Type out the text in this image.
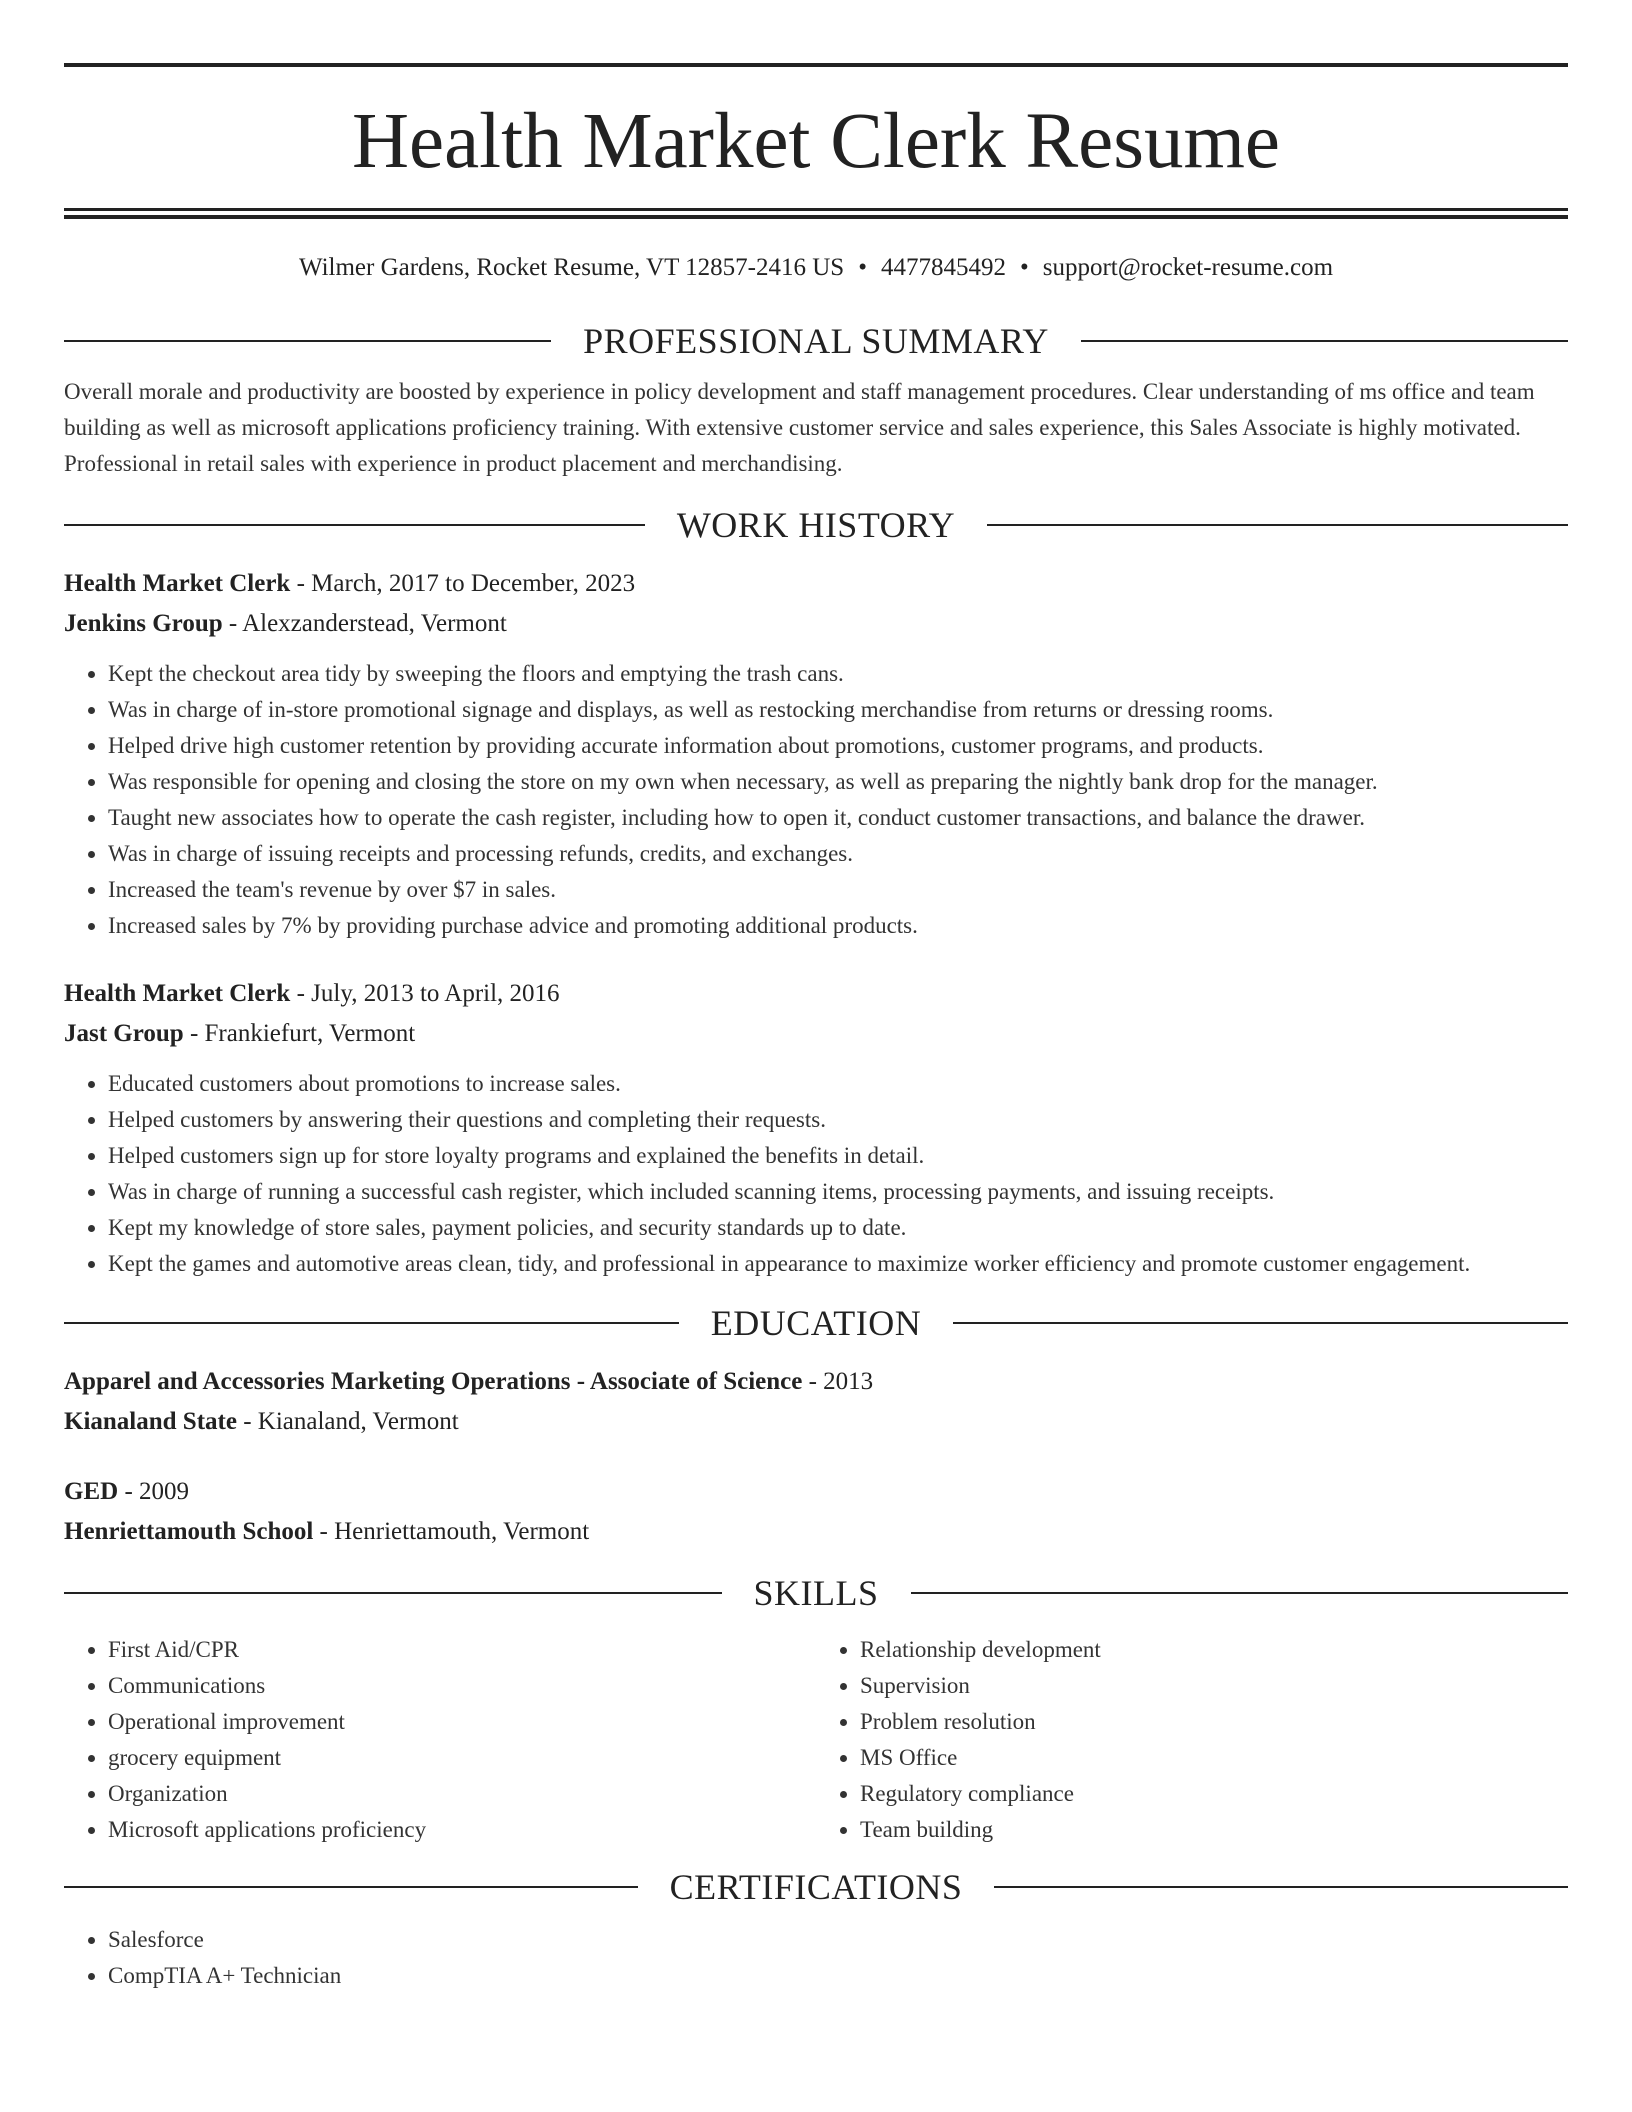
Health Market Clerk Resume
Wilmer Gardens, Rocket Resume, VT 12857-2416 US • 4477845492 • support@rocket-resume.com
PROFESSIONAL SUMMARY
Overall morale and productivity are boosted by experience in policy development and staff management procedures. Clear understanding of ms office and team building as well as microsoft applications proficiency training. With extensive customer service and sales experience, this Sales Associate is highly motivated. Professional in retail sales with experience in product placement and merchandising.
WORK HISTORY
Health Market Clerk - March, 2017 to December, 2023
Jenkins Group - Alexzanderstead, Vermont
• Kept the checkout area tidy by sweeping the floors and emptying the trash cans.
• Was in charge of in-store promotional signage and displays, as well as restocking merchandise from returns or dressing rooms.
• Helped drive high customer retention by providing accurate information about promotions, customer programs, and products.
• Was responsible for opening and closing the store on my own when necessary, as well as preparing the nightly bank drop for the manager.
• Taught new associates how to operate the cash register, including how to open it, conduct customer transactions, and balance the drawer.
• Was in charge of issuing receipts and processing refunds, credits, and exchanges.
• Increased the team's revenue by over $7 in sales.
• Increased sales by 7% by providing purchase advice and promoting additional products.
Health Market Clerk - July, 2013 to April, 2016
Jast Group - Frankiefurt, Vermont
• Educated customers about promotions to increase sales.
• Helped customers by answering their questions and completing their requests.
• Helped customers sign up for store loyalty programs and explained the benefits in detail.
• Was in charge of running a successful cash register, which included scanning items, processing payments, and issuing receipts.
• Kept my knowledge of store sales, payment policies, and security standards up to date.
• Kept the games and automotive areas clean, tidy, and professional in appearance to maximize worker efficiency and promote customer engagement.
EDUCATION
Apparel and Accessories Marketing Operations - Associate of Science - 2013
Kianaland State - Kianaland, Vermont
GED - 2009
Henriettamouth School - Henriettamouth, Vermont
SKILLS
• First Aid/CPR
• Communications
• Operational improvement
• grocery equipment
• Organization
• Microsoft applications proficiency
• Relationship development
• Supervision
• Problem resolution
• MS Office
• Regulatory compliance
• Team building
CERTIFICATIONS
• Salesforce
• CompTIA A+ Technician
